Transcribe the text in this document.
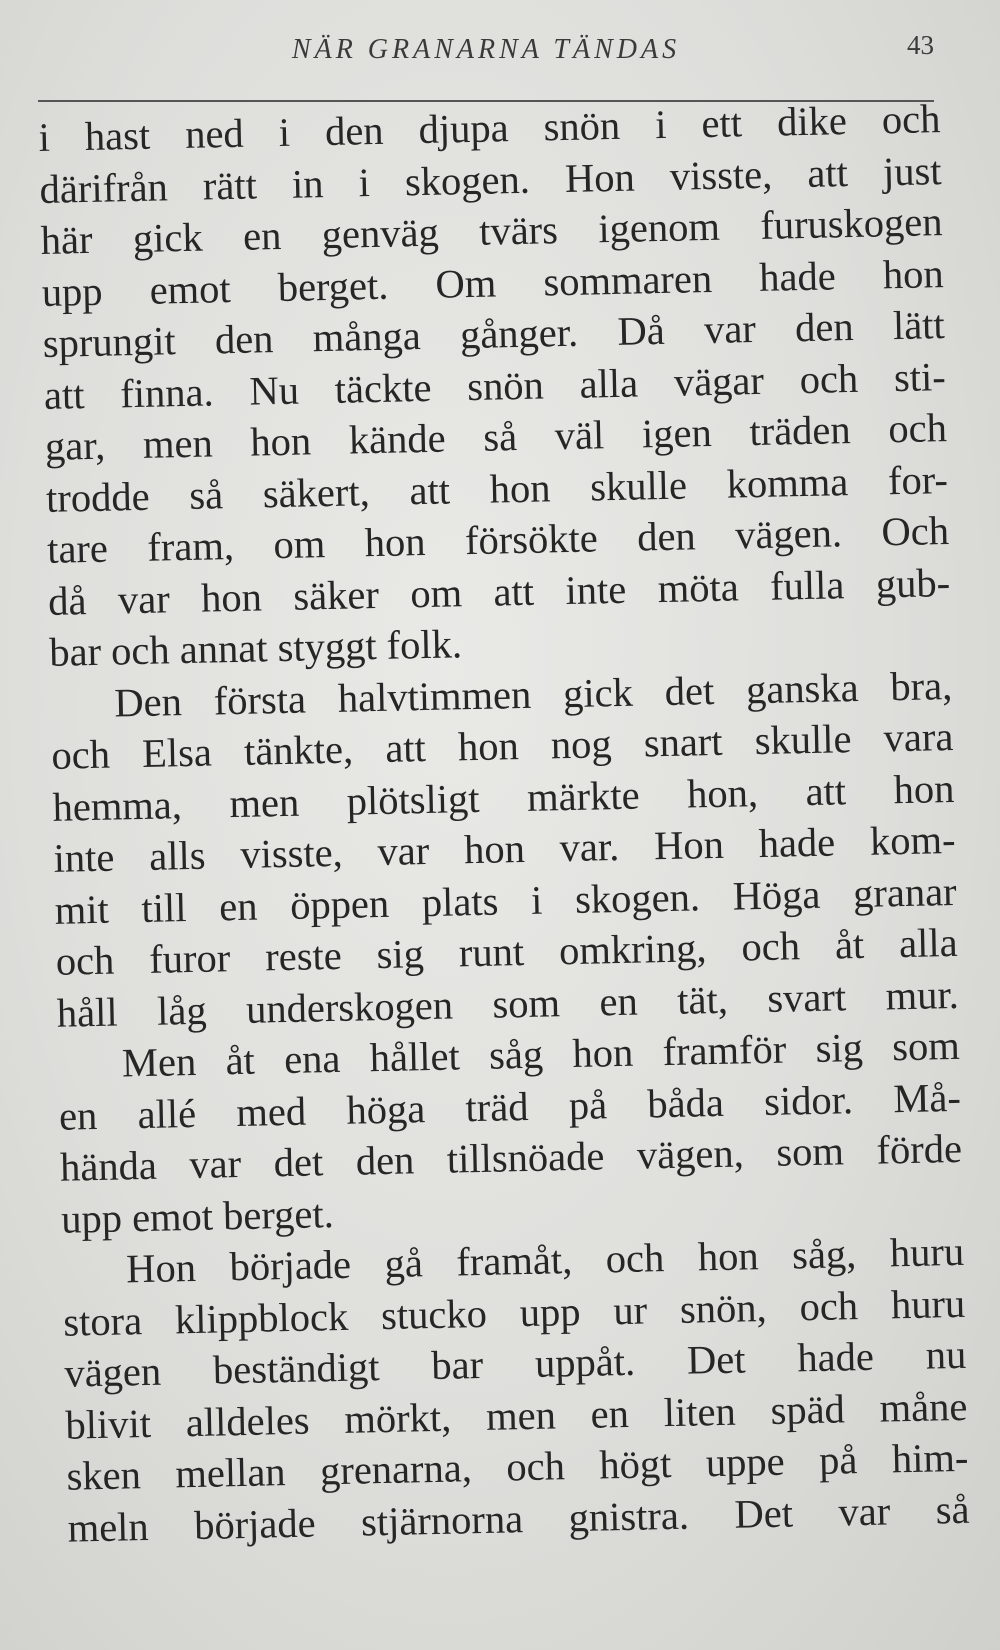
NÄR GRANARNA TÄNDAS	43
i hast ned i den djupa snön i ett dike och
därifrån rätt in i skogen. Hon visste, att just
här gick en genväg tvärs igenom furuskogen
upp emot berget. Om sommaren hade hon
sprungit den många gånger. Då var den lätt
att finna. Nu täckte snön alla vägar och sti-
gar, men hon kände så väl igen träden och
trodde så säkert, att hon skulle komma for-
tare fram, om hon försökte den vägen. Och
då var hon säker om att inte möta fulla gub-
bar och annat styggt folk.
Den första halvtimmen gick det ganska bra,
och Elsa tänkte, att hon nog snart skulle vara
hemma, men plötsligt märkte hon, att hon
inte alls visste, var hon var. Hon hade kom-
mit till en öppen plats i skogen. Höga granar
och furor reste sig runt omkring, och åt alla
håll låg underskogen som en tät, svart mur.
Men åt ena hållet såg hon framför sig som
en allé med höga träd på båda sidor. Må-
hända var det den tillsnöade vägen, som förde
upp emot berget.
Hon började gå framåt, och hon såg, huru
stora klippblock stucko upp ur snön, och huru
vägen beständigt bar uppåt. Det hade nu
blivit alldeles mörkt, men en liten späd måne
sken mellan grenarna, och högt uppe på him-
meln började stjärnorna gnistra. Det var så
